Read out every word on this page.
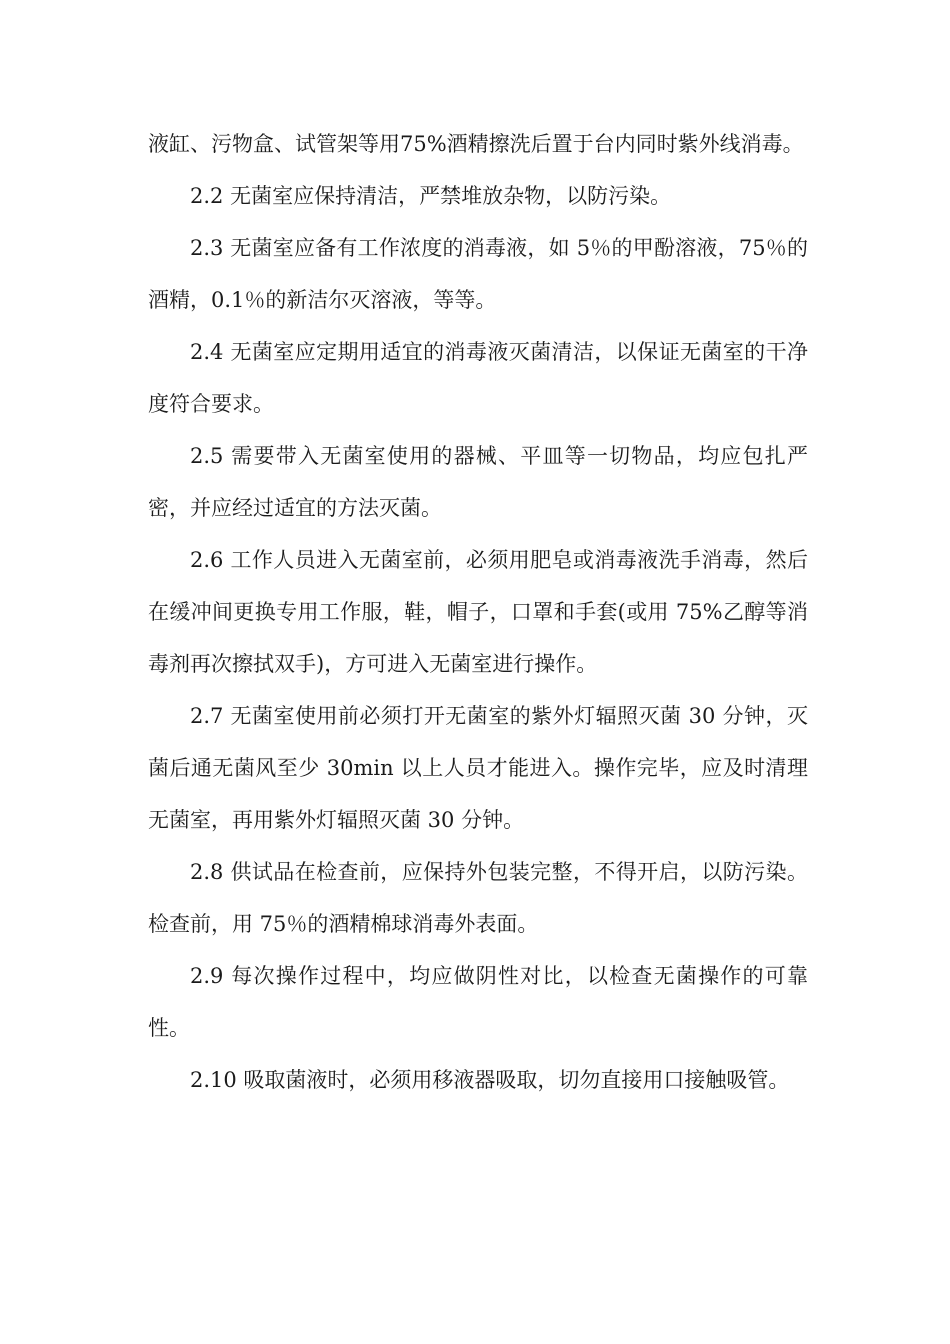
液缸、污物盒、试管架等用75%酒精擦洗后置于台内同时紫外线消毒。

2.2 无菌室应保持清洁，严禁堆放杂物，以防污染。

2.3 无菌室应备有工作浓度的消毒液，如 5％的甲酚溶液，75％的酒精，0.1％的新洁尔灭溶液，等等。

2.4 无菌室应定期用适宜的消毒液灭菌清洁，以保证无菌室的干净度符合要求。

2.5 需要带入无菌室使用的器械、平皿等一切物品，均应包扎严密，并应经过适宜的方法灭菌。

2.6 工作人员进入无菌室前，必须用肥皂或消毒液洗手消毒，然后在缓冲间更换专用工作服，鞋，帽子，口罩和手套(或用 75%乙醇等消毒剂再次擦拭双手)，方可进入无菌室进行操作。

2.7 无菌室使用前必须打开无菌室的紫外灯辐照灭菌 30 分钟，灭菌后通无菌风至少 30min 以上人员才能进入。操作完毕，应及时清理无菌室，再用紫外灯辐照灭菌 30 分钟。

2.8 供试品在检查前，应保持外包装完整，不得开启，以防污染。检查前，用 75％的酒精棉球消毒外表面。

2.9 每次操作过程中，均应做阴性对比，以检查无菌操作的可靠性。

2.10 吸取菌液时，必须用移液器吸取，切勿直接用口接触吸管。
